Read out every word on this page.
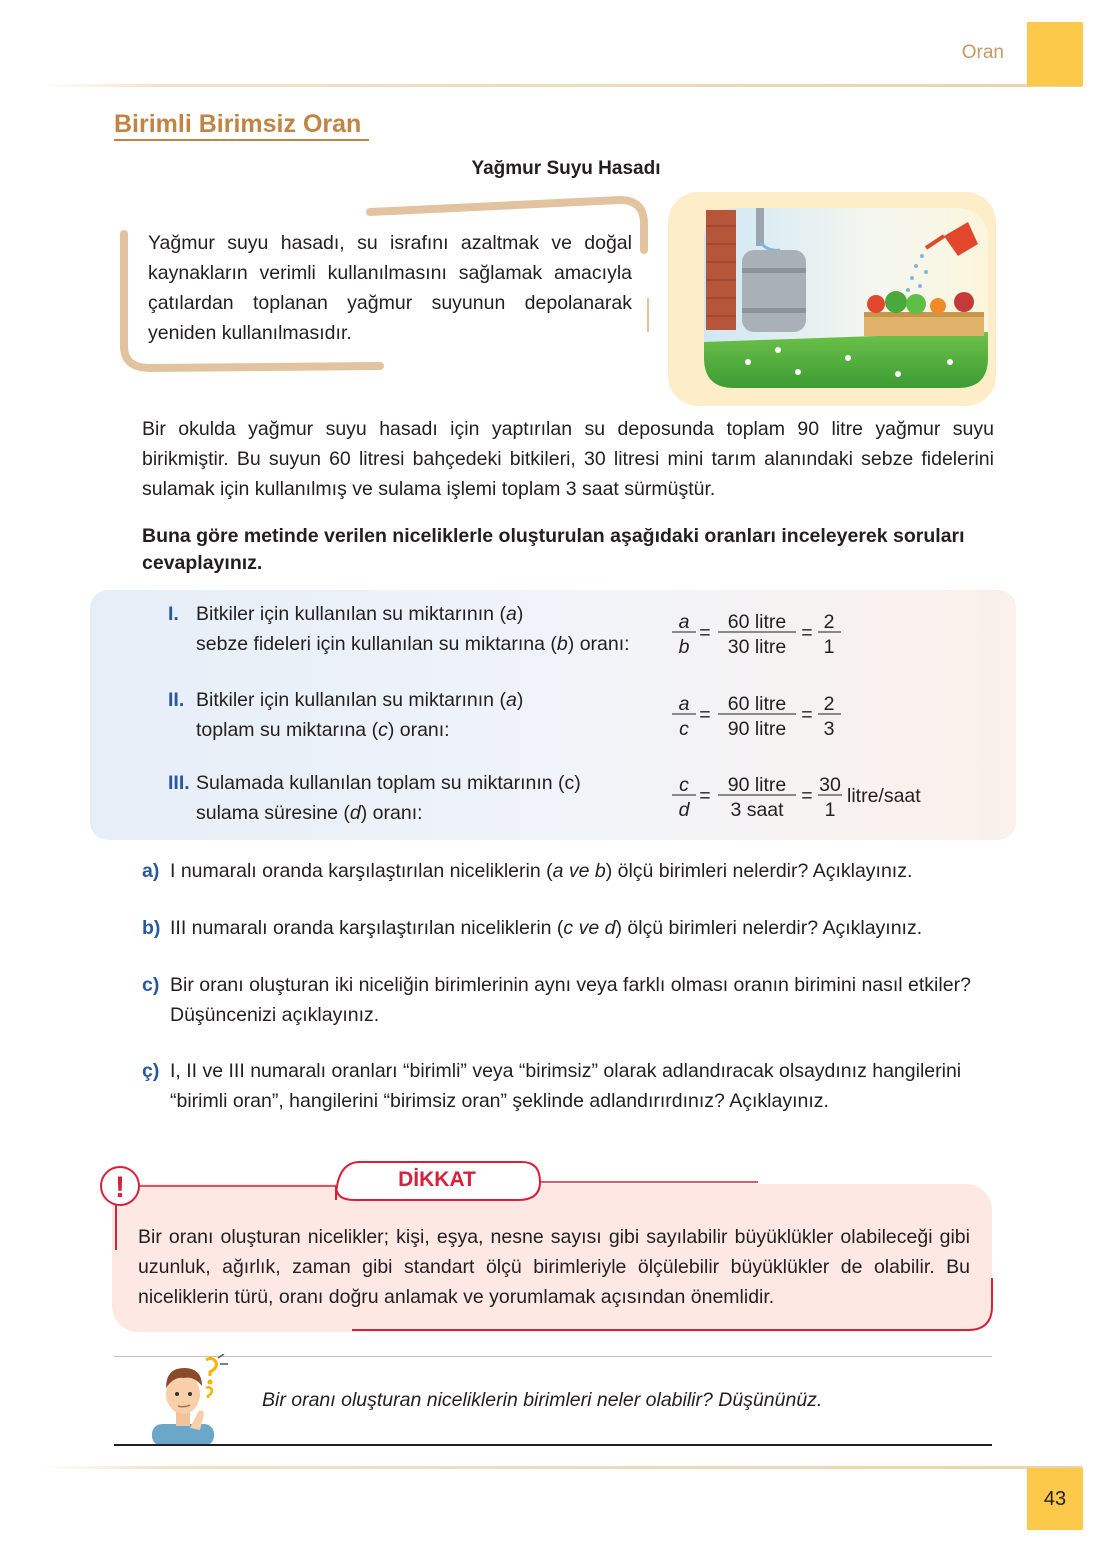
Oran
Birimli Birimsiz Oran
Yağmur Suyu Hasadı
Yağmur suyu hasadı, su israfını azaltmak ve doğal kaynakların verimli kullanılmasını sağlamak amacıyla çatılardan toplanan yağmur suyunun depolanarak yeniden kullanılmasıdır.
Bir okulda yağmur suyu hasadı için yaptırılan su deposunda toplam 90 litre yağmur suyu birikmiştir. Bu suyun 60 litresi bahçedeki bitkileri, 30 litresi mini tarım alanındaki sebze fidelerini sulamak için kullanılmış ve sulama işlemi toplam 3 saat sürmüştür.
Buna göre metinde verilen niceliklerle oluşturulan aşağıdaki oranları inceleyerek soruları cevaplayınız.
I. Bitkiler için kullanılan su miktarının (a)
sebze fideleri için kullanılan su miktarına (b) oranı:
II. Bitkiler için kullanılan su miktarının (a)
toplam su miktarına (c) oranı:
III. Sulamada kullanılan toplam su miktarının (c)
sulama süresine (d) oranı:
a
b
= 60 litre
30 litre
= 2
1
a
c
= 60 litre
90 litre
= 2
3
c
d
= 90 litre
3 saat
= 30
1
litre/saat
a) I numaralı oranda karşılaştırılan niceliklerin (a ve b) ölçü birimleri nelerdir? Açıklayınız.
b) III numaralı oranda karşılaştırılan niceliklerin (c ve d) ölçü birimleri nelerdir? Açıklayınız.
c) Bir oranı oluşturan iki niceliğin birimlerinin aynı veya farklı olması oranın birimini nasıl etkiler? Düşüncenizi açıklayınız.
ç) I, II ve III numaralı oranları “birimli” veya “birimsiz” olarak adlandıracak olsaydınız hangilerini “birimli oran”, hangilerini “birimsiz oran” şeklinde adlandırırdınız? Açıklayınız.
!	DİKKAT
Bir oranı oluşturan nicelikler; kişi, eşya, nesne sayısı gibi sayılabilir büyüklükler olabileceği gibi uzunluk, ağırlık, zaman gibi standart ölçü birimleriyle ölçülebilir büyüklükler de olabilir. Bu niceliklerin türü, oranı doğru anlamak ve yorumlamak açısından önemlidir.
Bir oranı oluşturan niceliklerin birimleri neler olabilir? Düşününüz.
43
